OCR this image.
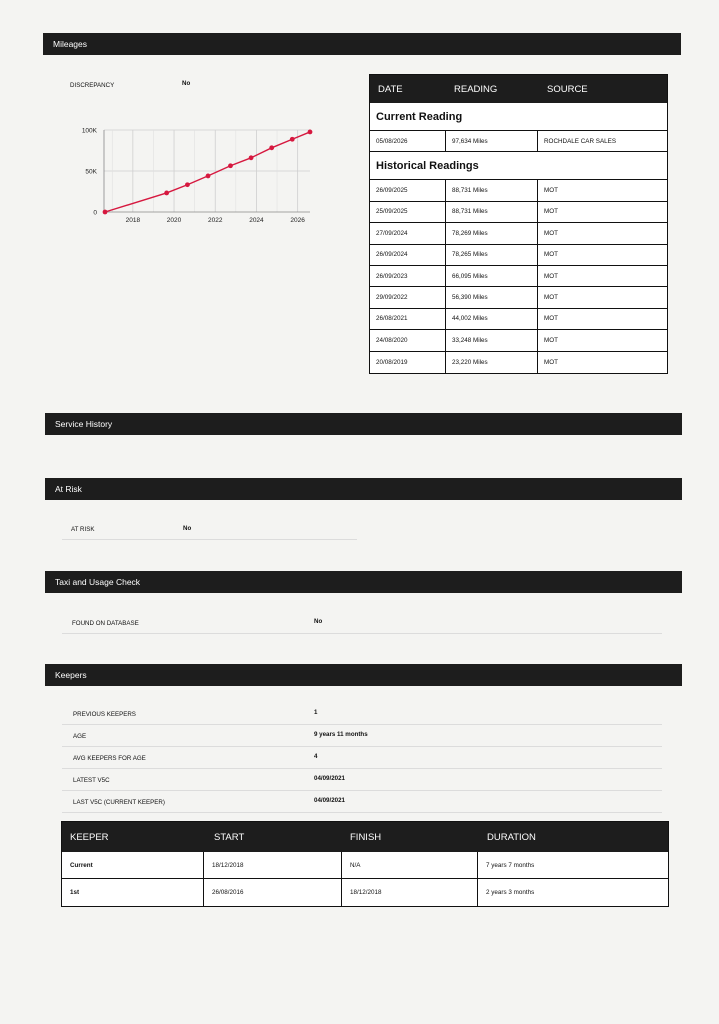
Mileages
DISCREPANCY	No
0
50K
100K
2018	2020	2022	2024	2026
DATE	READING	SOURCE
Current Reading
05/08/2026	97,634 Miles	ROCHDALE CAR SALES
Historical Readings
26/09/2025	88,731 Miles	MOT
25/09/2025	88,731 Miles	MOT
27/09/2024	78,269 Miles	MOT
26/09/2024	78,265 Miles	MOT
26/09/2023	66,095 Miles	MOT
29/09/2022	56,390 Miles	MOT
26/08/2021	44,002 Miles	MOT
24/08/2020	33,248 Miles	MOT
20/08/2019	23,220 Miles	MOT
Service History
At Risk
AT RISK	No
Taxi and Usage Check
FOUND ON DATABASE	No
Keepers
PREVIOUS KEEPERS	1
AGE	9 years 11 months
AVG KEEPERS FOR AGE	4
LATEST V5C	04/09/2021
LAST V5C (CURRENT KEEPER)	04/09/2021
KEEPER	START	FINISH	DURATION
Current	18/12/2018	N/A	7 years 7 months
1st	26/08/2016	18/12/2018	2 years 3 months
